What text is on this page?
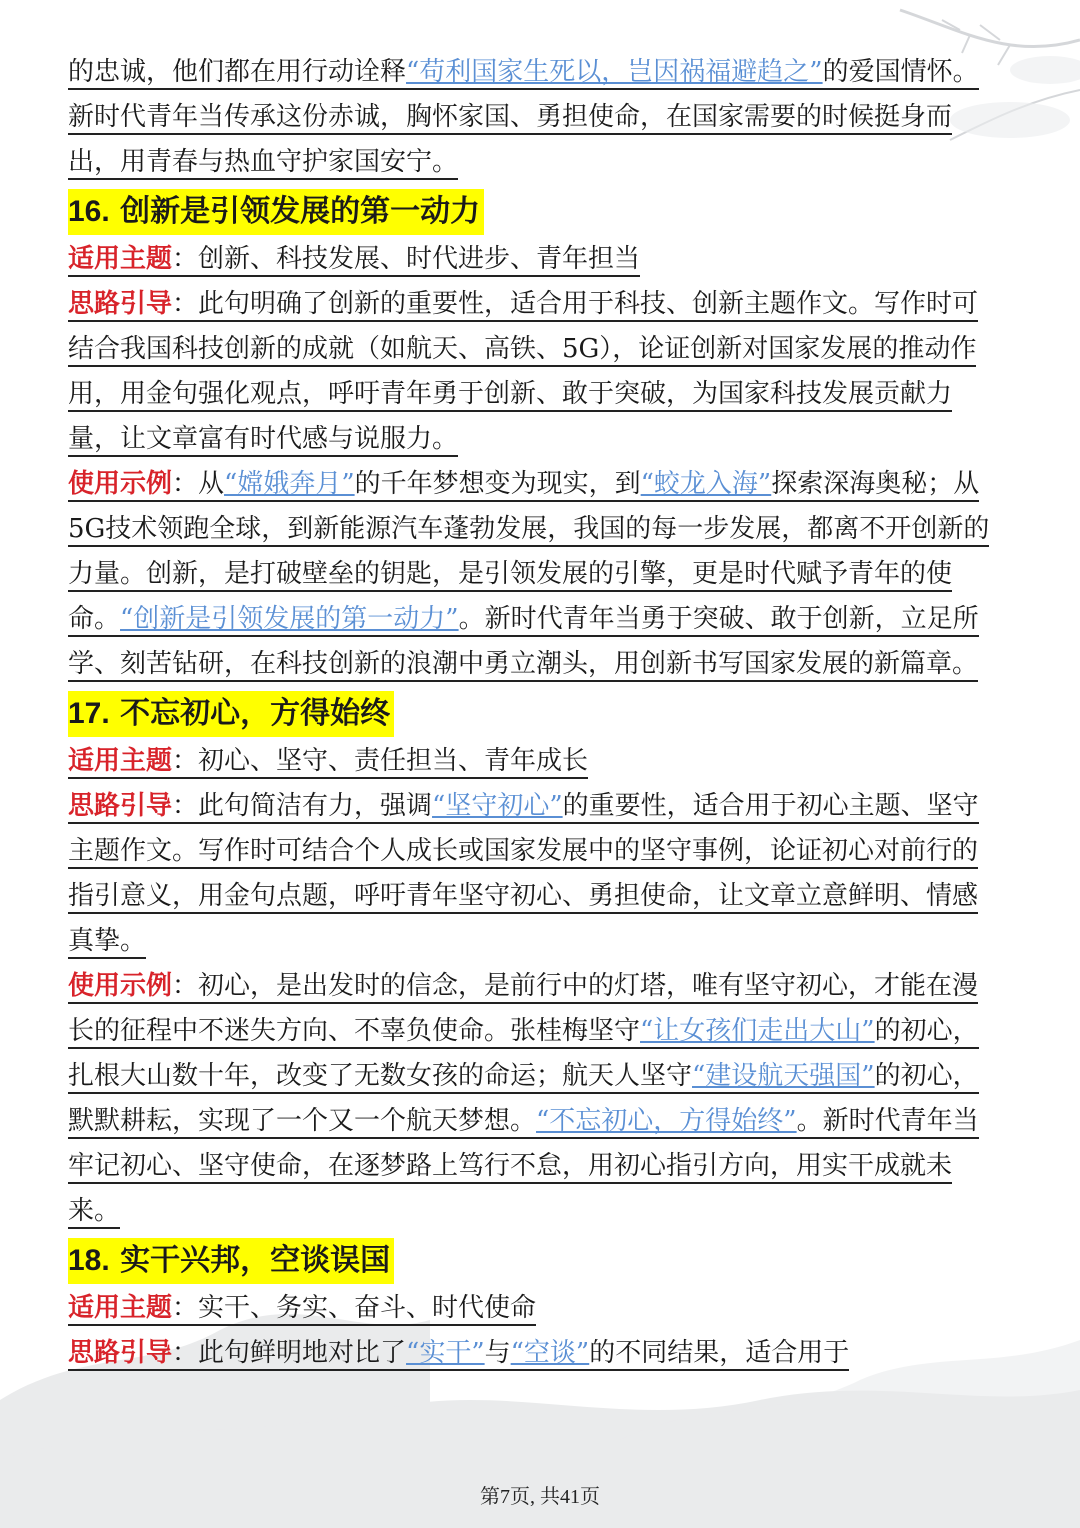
的忠诚，他们都在用行动诠释“苟利国家生死以，岂因祸福避趋之”的爱国情怀。新时代青年当传承这份赤诚，胸怀家国、勇担使命，在国家需要的时候挺身而出，用青春与热血守护家国安宁。

16. 创新是引领发展的第一动力

适用主题：创新、科技发展、时代进步、青年担当

思路引导：此句明确了创新的重要性，适合用于科技、创新主题作文。写作时可结合我国科技创新的成就（如航天、高铁、5G），论证创新对国家发展的推动作用，用金句强化观点，呼吁青年勇于创新、敢于突破，为国家科技发展贡献力量，让文章富有时代感与说服力。

使用示例：从“嫦娥奔月”的千年梦想变为现实，到“蛟龙入海”探索深海奥秘；从5G技术领跑全球，到新能源汽车蓬勃发展，我国的每一步发展，都离不开创新的力量。创新，是打破壁垒的钥匙，是引领发展的引擎，更是时代赋予青年的使命。“创新是引领发展的第一动力”。新时代青年当勇于突破、敢于创新，立足所学、刻苦钻研，在科技创新的浪潮中勇立潮头，用创新书写国家发展的新篇章。

17. 不忘初心，方得始终

适用主题：初心、坚守、责任担当、青年成长

思路引导：此句简洁有力，强调“坚守初心”的重要性，适合用于初心主题、坚守主题作文。写作时可结合个人成长或国家发展中的坚守事例，论证初心对前行的指引意义，用金句点题，呼吁青年坚守初心、勇担使命，让文章立意鲜明、情感真挚。

使用示例：初心，是出发时的信念，是前行中的灯塔，唯有坚守初心，才能在漫长的征程中不迷失方向、不辜负使命。张桂梅坚守“让女孩们走出大山”的初心，扎根大山数十年，改变了无数女孩的命运；航天人坚守“建设航天强国”的初心，默默耕耘，实现了一个又一个航天梦想。“不忘初心，方得始终”。新时代青年当牢记初心、坚守使命，在逐梦路上笃行不怠，用初心指引方向，用实干成就未来。

18. 实干兴邦，空谈误国

适用主题：实干、务实、奋斗、时代使命

思路引导：此句鲜明地对比了“实干”与“空谈”的不同结果，适合用于

第7页, 共41页
